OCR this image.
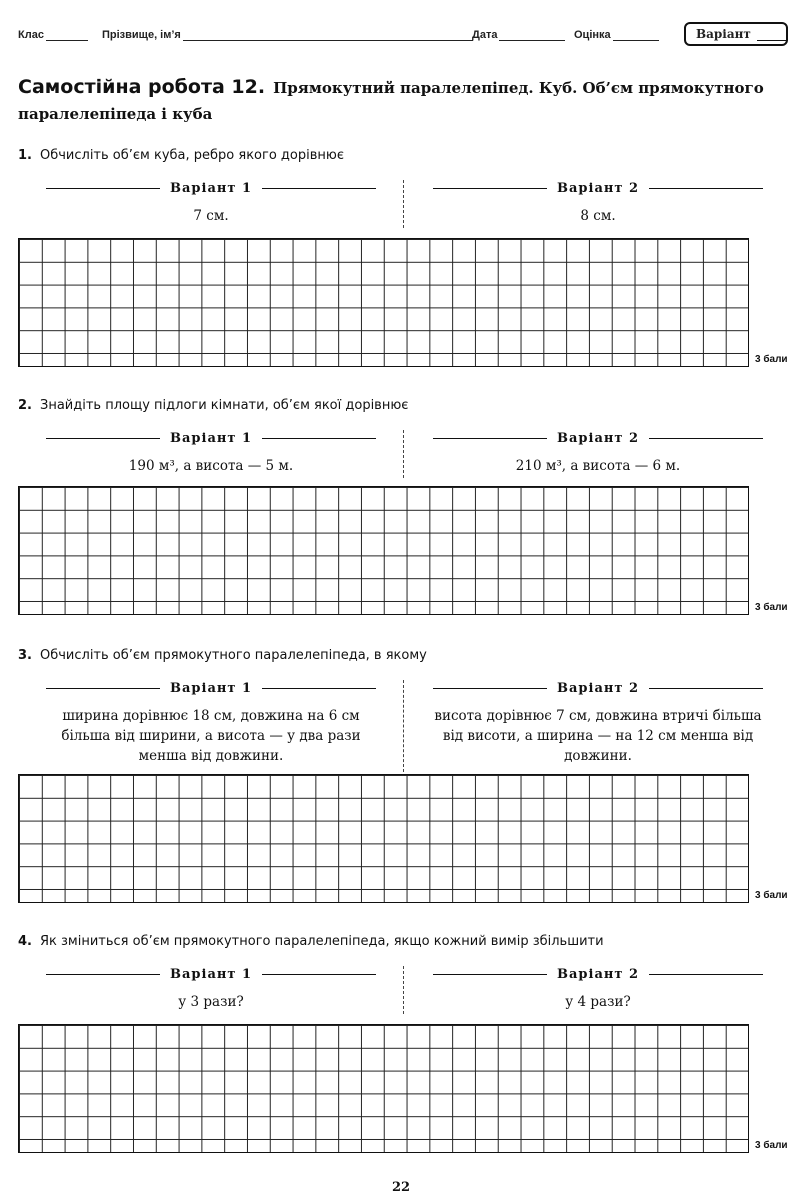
Клас	Прізвище, ім’я	Дата	Оцінка	Варіант
Самостійна робота 12. Прямокутний паралелепіпед. Куб. Об’єм прямокутного паралелепіпеда і куба
1. Обчисліть об’єм куба, ребро якого дорівнює
Варіант 1	Варіант 2
7 см.	8 см.
3 бали
2. Знайдіть площу підлоги кімнати, об’єм якої дорівнює
Варіант 1	Варіант 2
190 м³, а висота — 5 м.	210 м³, а висота — 6 м.
3 бали
3. Обчисліть об’єм прямокутного паралелепіпеда, в якому
Варіант 1	Варіант 2
ширина дорівнює 18 см, довжина на 6 см більша від ширини, а висота — у два рази менша від довжини.
висота дорівнює 7 см, довжина втричі більша від висоти, а ширина — на 12 см менша від довжини.
3 бали
4. Як зміниться об’єм прямокутного паралелепіпеда, якщо кожний вимір збільшити
Варіант 1	Варіант 2
у 3 рази?	у 4 рази?
3 бали
22
